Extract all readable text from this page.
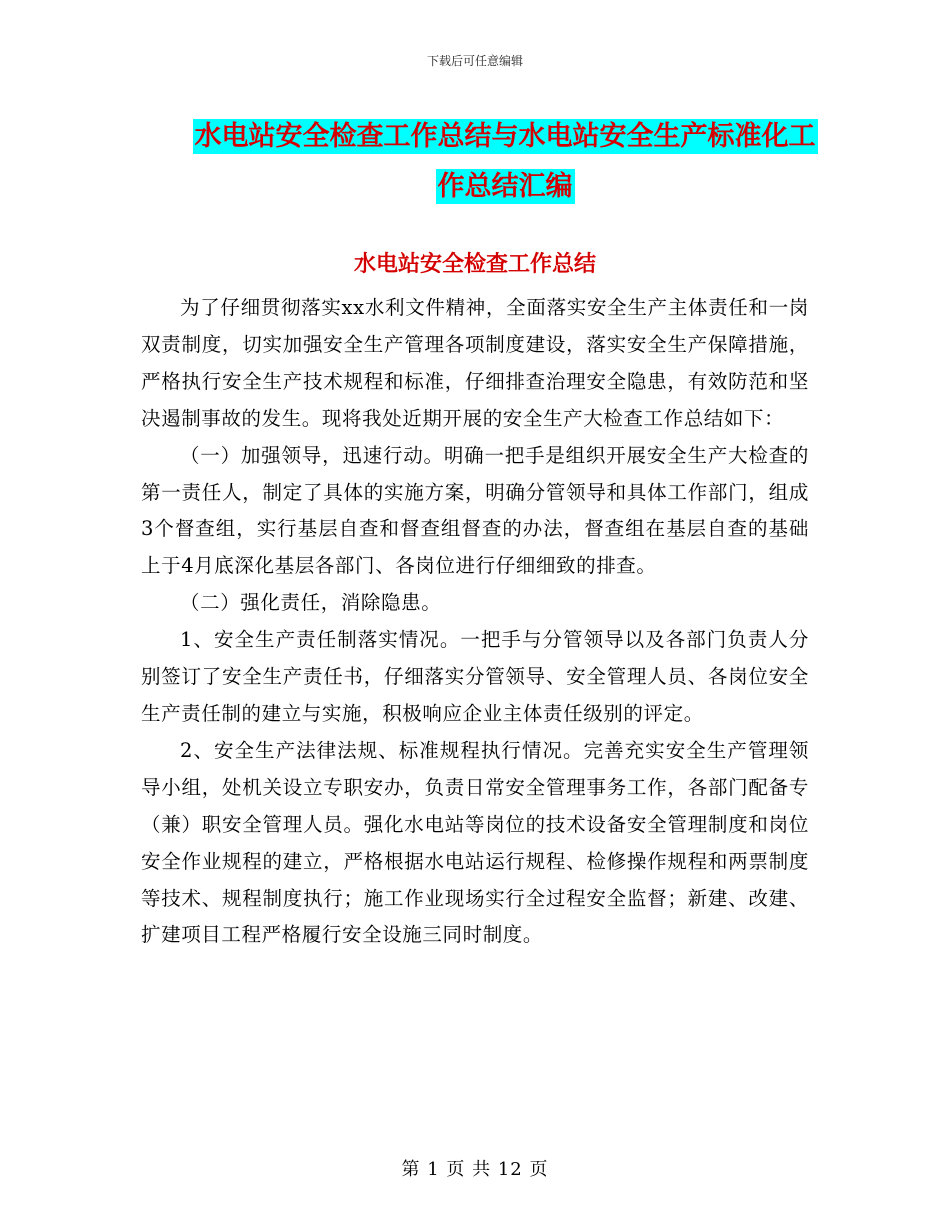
下载后可任意编辑
水电站安全检查工作总结与水电站安全生产标准化工
作总结汇编
水电站安全检查工作总结

为了仔细贯彻落实xx水利文件精神，全面落实安全生产主体责任和一岗双责制度，切实加强安全生产管理各项制度建设，落实安全生产保障措施，严格执行安全生产技术规程和标准，仔细排查治理安全隐患，有效防范和坚决遏制事故的发生。现将我处近期开展的安全生产大检查工作总结如下：

（一）加强领导，迅速行动。明确一把手是组织开展安全生产大检查的第一责任人，制定了具体的实施方案，明确分管领导和具体工作部门，组成3个督查组，实行基层自查和督查组督查的办法，督查组在基层自查的基础上于4月底深化基层各部门、各岗位进行仔细细致的排查。

（二）强化责任，消除隐患。

1、安全生产责任制落实情况。一把手与分管领导以及各部门负责人分别签订了安全生产责任书，仔细落实分管领导、安全管理人员、各岗位安全生产责任制的建立与实施，积极响应企业主体责任级别的评定。

2、安全生产法律法规、标准规程执行情况。完善充实安全生产管理领导小组，处机关设立专职安办，负责日常安全管理事务工作，各部门配备专（兼）职安全管理人员。强化水电站等岗位的技术设备安全管理制度和岗位安全作业规程的建立，严格根据水电站运行规程、检修操作规程和两票制度等技术、规程制度执行；施工作业现场实行全过程安全监督；新建、改建、扩建项目工程严格履行安全设施三同时制度。

第 1 页 共 12 页
